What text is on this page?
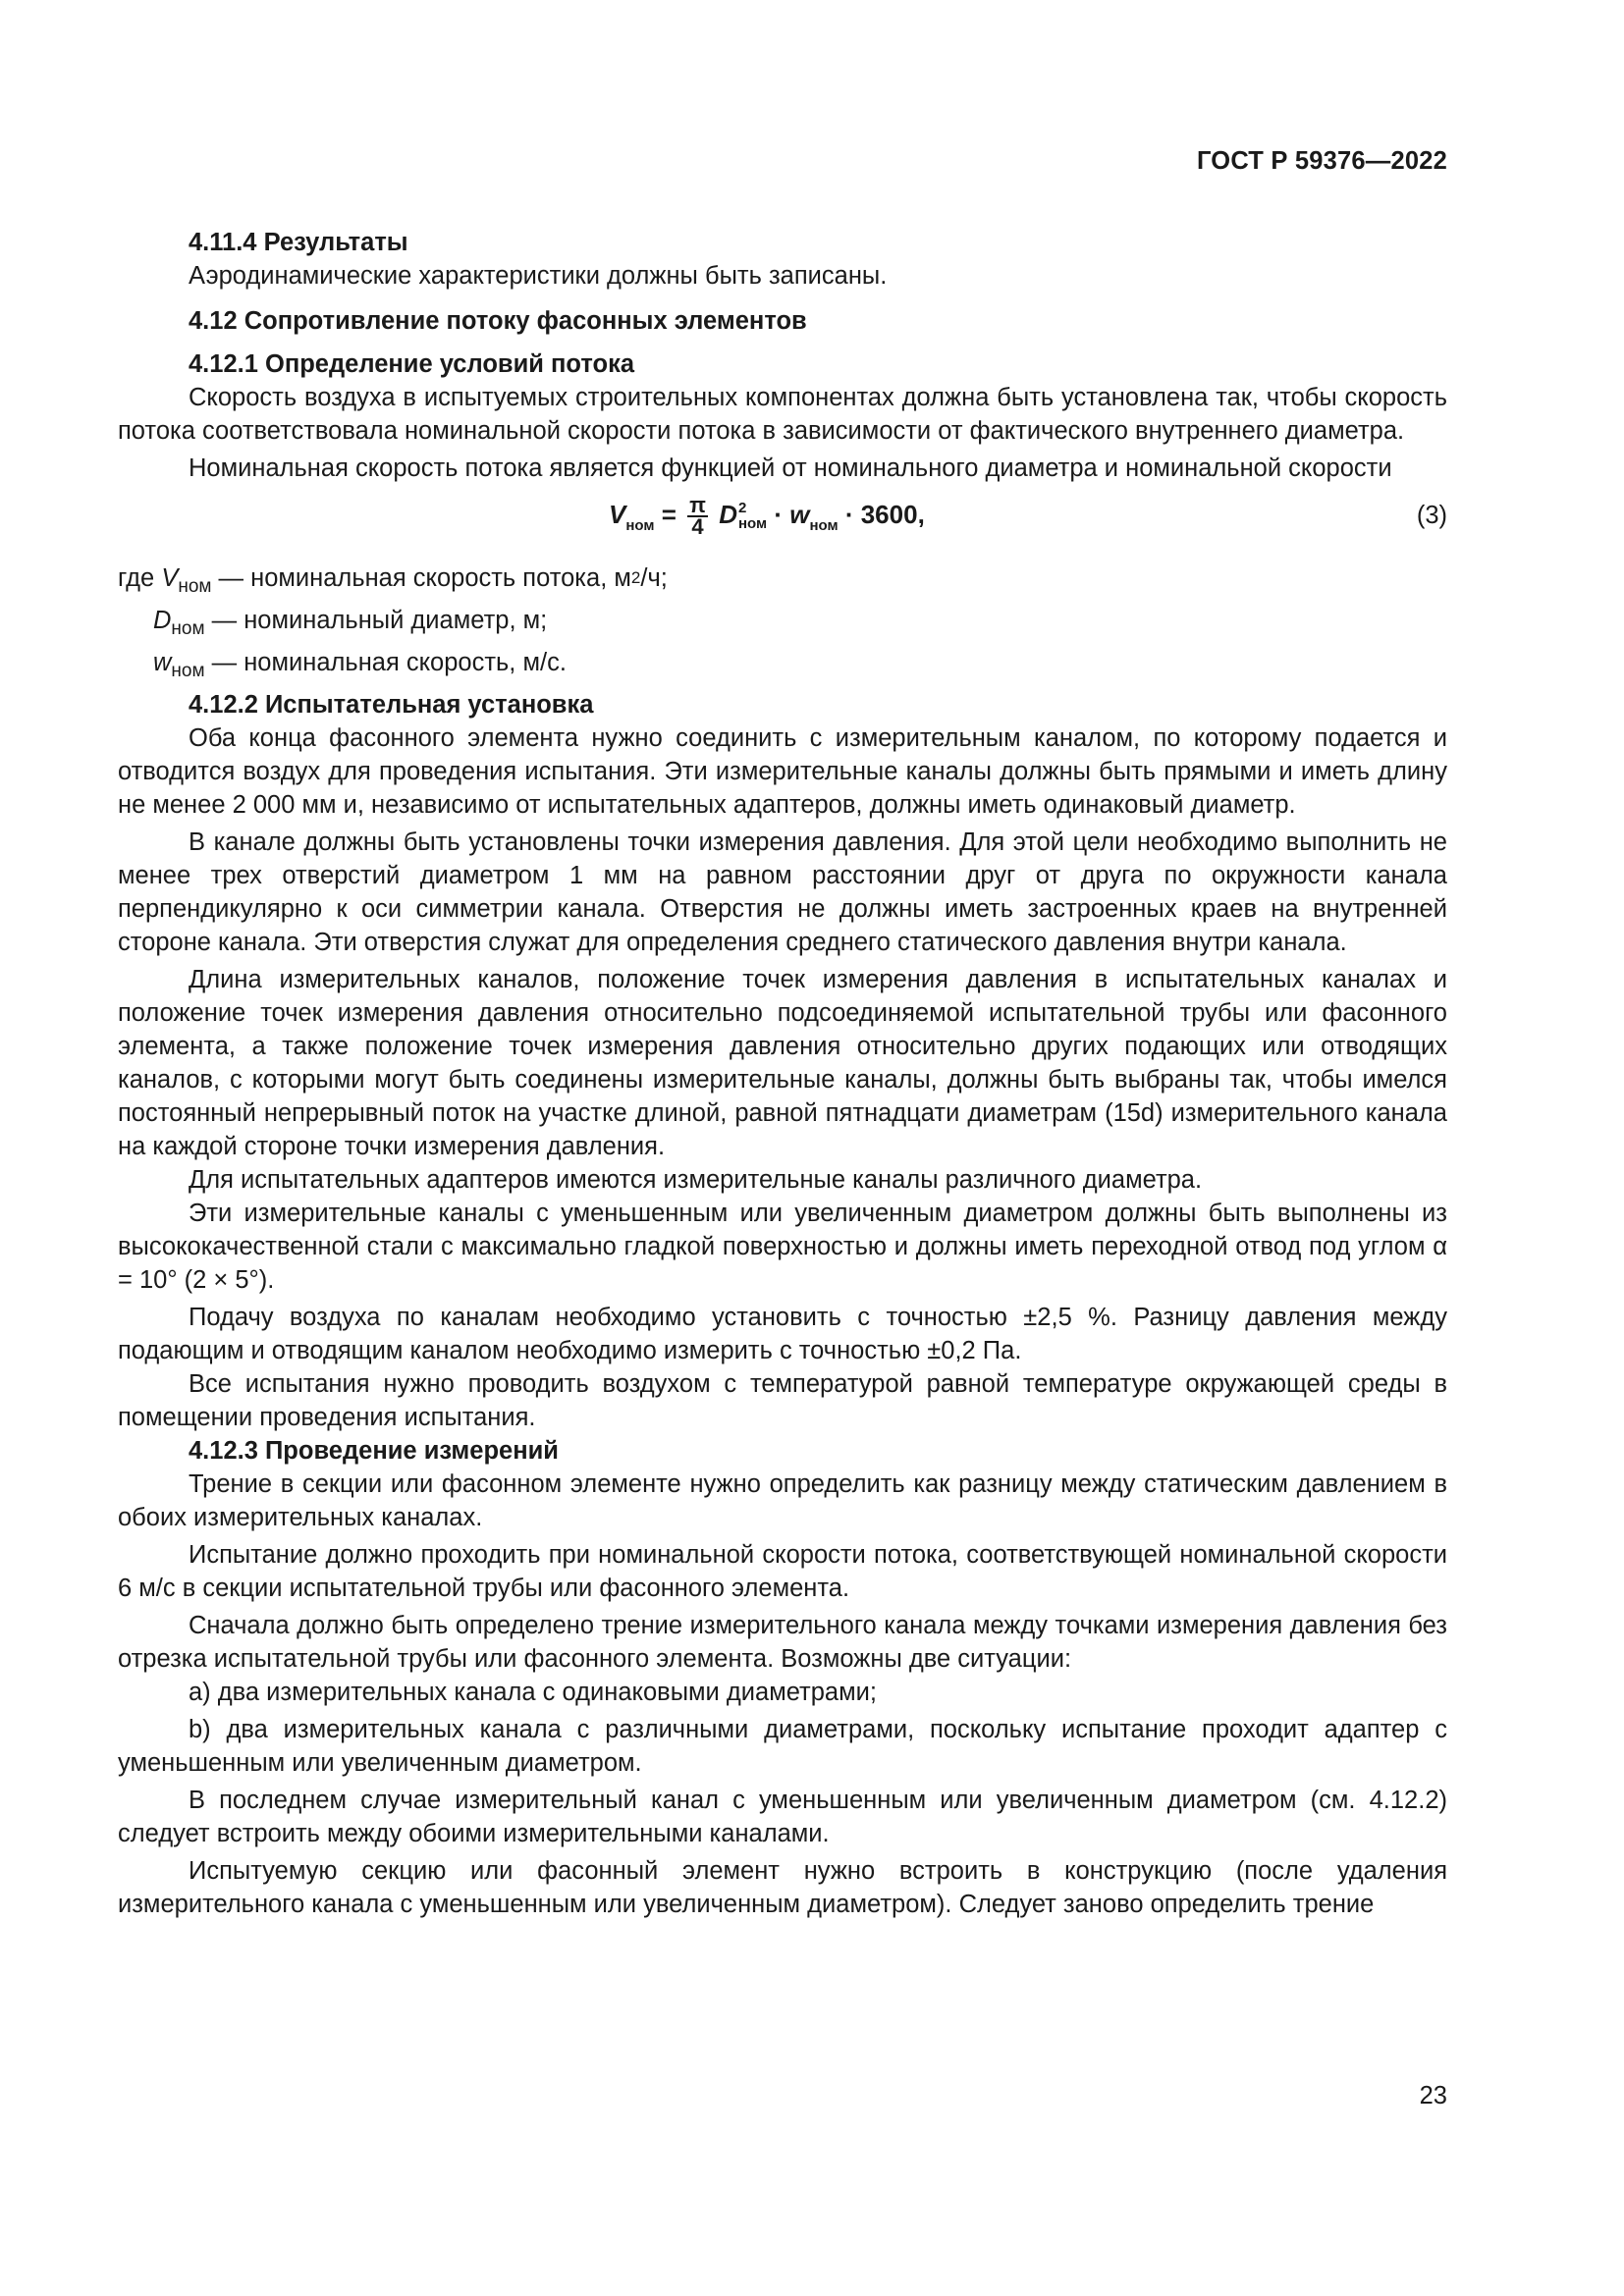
ГОСТ Р 59376—2022

4.11.4 Результаты

Аэродинамические характеристики должны быть записаны.

4.12 Сопротивление потоку фасонных элементов

4.12.1 Определение условий потока

Скорость воздуха в испытуемых строительных компонентах должна быть установлена так, чтобы скорость потока соответствовала номинальной скорости потока в зависимости от фактического внутреннего диаметра.

Номинальная скорость потока является функцией от номинального диаметра и номинальной скорости

$V_{ном} = \frac{\pi}{4}$ D 2
ном · $w_{ном} \cdot 3600$,	(3)
где
$V_{ном}$
— номинальная скорость потока, м 2 /ч;
$D_{ном}$
— номинальный диаметр, м;
$w_{ном}$
— номинальная скорость, м/с.

4.12.2 Испытательная установка

Оба конца фасонного элемента нужно соединить с измерительным каналом, по которому подается и отводится воздух для проведения испытания. Эти измерительные каналы должны быть прямыми и иметь длину не менее 2 000 мм и, независимо от испытательных адаптеров, должны иметь одинаковый диаметр.

В канале должны быть установлены точки измерения давления. Для этой цели необходимо выполнить не менее трех отверстий диаметром 1 мм на равном расстоянии друг от друга по окружности канала перпендикулярно к оси симметрии канала. Отверстия не должны иметь застроенных краев на внутренней стороне канала. Эти отверстия служат для определения среднего статического давления внутри канала.

Длина измерительных каналов, положение точек измерения давления в испытательных каналах и положение точек измерения давления относительно подсоединяемой испытательной трубы или фасонного элемента, а также положение точек измерения давления относительно других подающих или отводящих каналов, с которыми могут быть соединены измерительные каналы, должны быть выбраны так, чтобы имелся постоянный непрерывный поток на участке длиной, равной пятнадцати диаметрам (15d) измерительного канала на каждой стороне точки измерения давления.

Для испытательных адаптеров имеются измерительные каналы различного диаметра.

Эти измерительные каналы с уменьшенным или увеличенным диаметром должны быть выполнены из высококачественной стали с максимально гладкой поверхностью и должны иметь переходной отвод под углом α = 10° (2 × 5°).

Подачу воздуха по каналам необходимо установить с точностью ±2,5 %. Разницу давления между подающим и отводящим каналом необходимо измерить с точностью ±0,2 Па.

Все испытания нужно проводить воздухом с температурой равной температуре окружающей среды в помещении проведения испытания.

4.12.3 Проведение измерений

Трение в секции или фасонном элементе нужно определить как разницу между статическим давлением в обоих измерительных каналах.

Испытание должно проходить при номинальной скорости потока, соответствующей номинальной скорости 6 м/с в секции испытательной трубы или фасонного элемента.

Сначала должно быть определено трение измерительного канала между точками измерения давления без отрезка испытательной трубы или фасонного элемента. Возможны две ситуации:

a) два измерительных канала с одинаковыми диаметрами;

b) два измерительных канала с различными диаметрами, поскольку испытание проходит адаптер с уменьшенным или увеличенным диаметром.

В последнем случае измерительный канал с уменьшенным или увеличенным диаметром (см. 4.12.2) следует встроить между обоими измерительными каналами.

Испытуемую секцию или фасонный элемент нужно встроить в конструкцию (после удаления измерительного канала с уменьшенным или увеличенным диаметром). Следует заново определить трение

23
